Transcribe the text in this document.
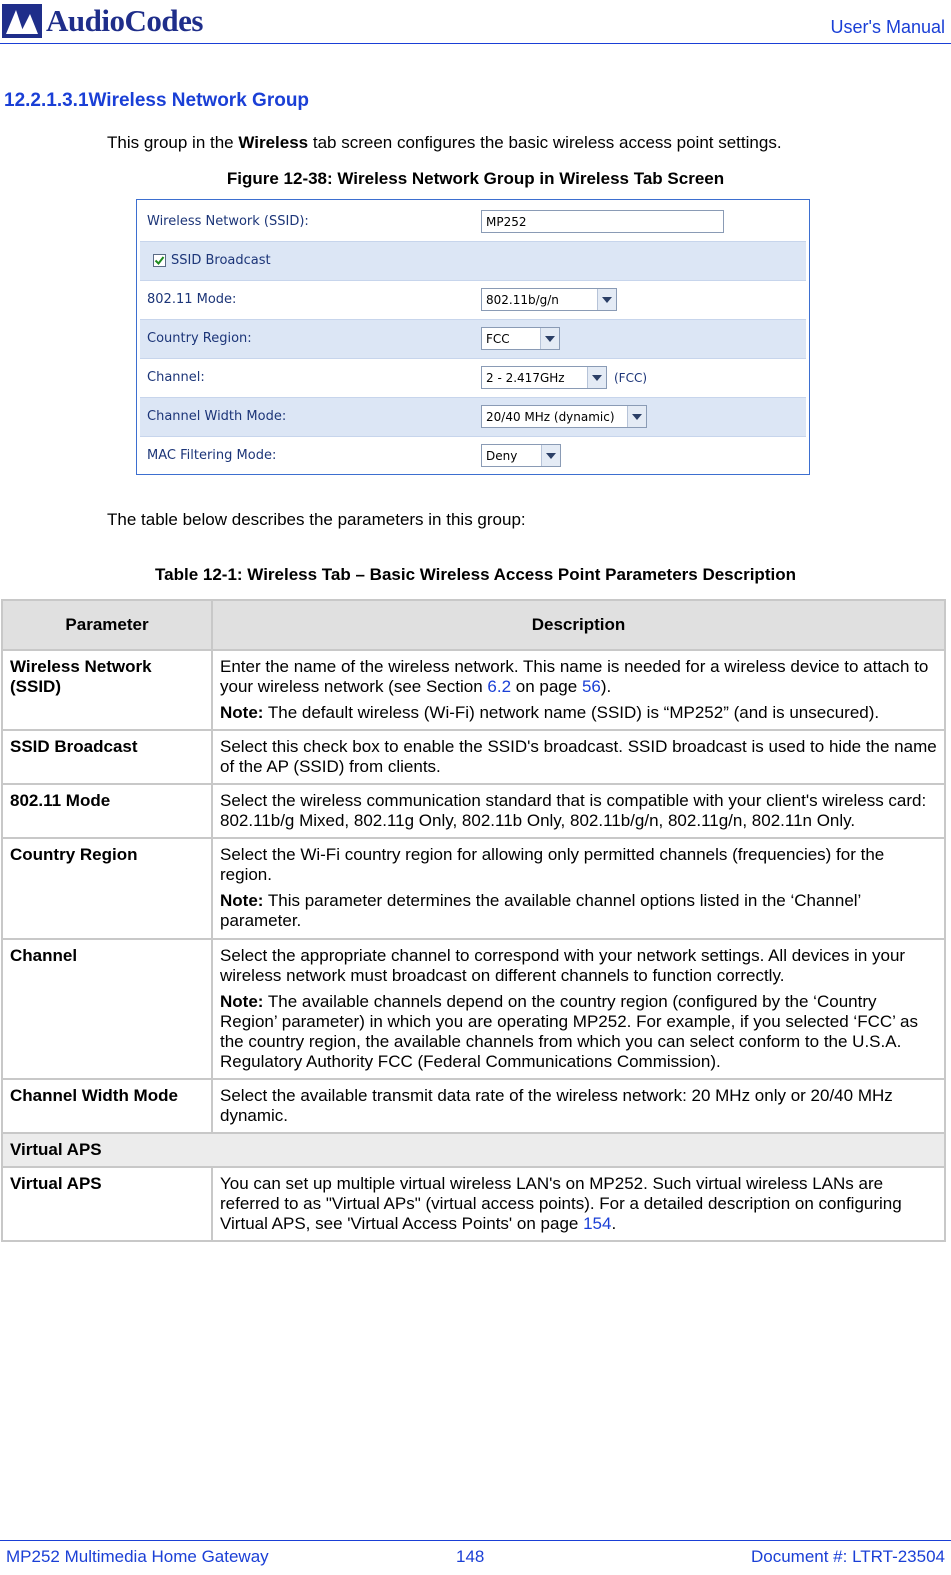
AudioCodes	User's Manual
12.2.1.3.1Wireless Network Group
This group in the Wireless tab screen configures the basic wireless access point settings.
Figure 12-38: Wireless Network Group in Wireless Tab Screen
Wireless Network (SSID):	MP252
SSID Broadcast
802.11 Mode:	802.11b/g/n
Country Region:	FCC
Channel:	2 - 2.417GHz	(FCC)
Channel Width Mode:	20/40 MHz (dynamic)
MAC Filtering Mode:	Deny
The table below describes the parameters in this group:
Table 12-1: Wireless Tab – Basic Wireless Access Point Parameters Description
Parameter	Description
Wireless Network (SSID)	Enter the name of the wireless network. This name is needed for a wireless device to attach to your wireless network (see Section 6.2 on page 56).

Note: The default wireless (Wi-Fi) network name (SSID) is “MP252” (and is unsecured).

SSID Broadcast	Select this check box to enable the SSID's broadcast. SSID broadcast is used to hide the name of the AP (SSID) from clients.
802.11 Mode	Select the wireless communication standard that is compatible with your client's wireless card: 802.11b/g Mixed, 802.11g Only, 802.11b Only, 802.11b/g/n, 802.11g/n, 802.11n Only.
Country Region	Select the Wi-Fi country region for allowing only permitted channels (frequencies) for the region.

Note: This parameter determines the available channel options listed in the ‘Channel’ parameter.

Channel	Select the appropriate channel to correspond with your network settings. All devices in your wireless network must broadcast on different channels to function correctly.

Note: The available channels depend on the country region (configured by the ‘Country Region’ parameter) in which you are operating MP252. For example, if you selected ‘FCC’ as the country region, the available channels from which you can select conform to the U.S.A. Regulatory Authority FCC (Federal Communications Commission).

Channel Width Mode	Select the available transmit data rate of the wireless network: 20 MHz only or 20/40 MHz dynamic.
Virtual APS	
Virtual APS	You can set up multiple virtual wireless LAN's on MP252. Such virtual wireless LANs are referred to as "Virtual APs" (virtual access points). For a detailed description on configuring Virtual APS, see 'Virtual Access Points' on page 154.
MP252 Multimedia Home Gateway	148	Document #: LTRT-23504
